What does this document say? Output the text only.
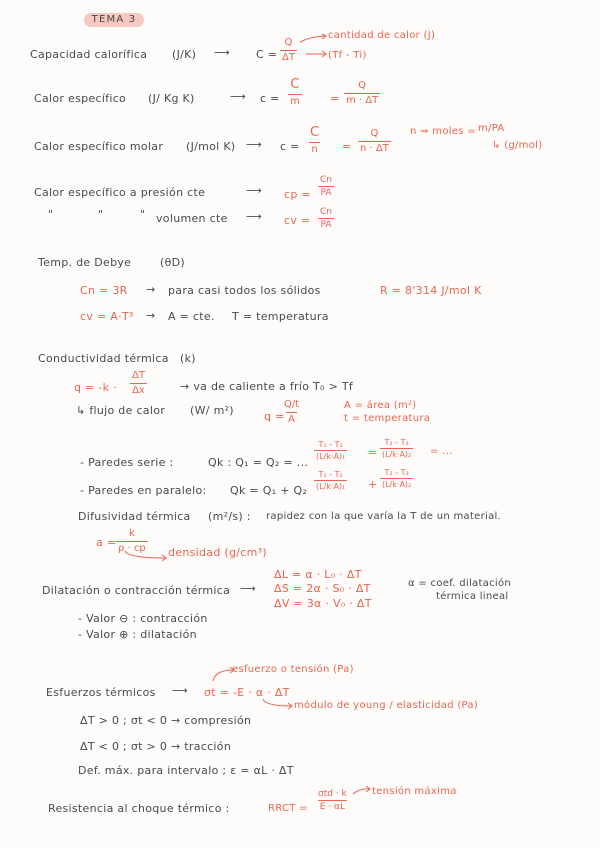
TEMA 3
Capacidad calorífica (J/K) ⟶ $C = \frac{Q}{\Delta T}$
cantidad de calor (J)
(Tf - Ti)
Calor específico (J/ Kg K)	⟶ c =
C
m	= $\frac{Q}{m \cdot \Delta T}$
Calor específico molar (J/mol K) ⟶ c =
C
$n = \frac{Q}{n \cdot \Delta T}$ n ⇒ moles = m/PA
↳ (g/mol)
Calor específico a presión cte	⟶ cp = $\frac{Cn}{PA}$
"	"	" volumen cte ⟶ cv = $\frac{Cn}{PA}$
Temp. de Debye	(θD)
Cn = 3R → para casi todos los sólidos	R = 8'314 J/mol K
cv = A·T³ → A = cte. T = temperatura
Conductividad térmica (k)
$q = -k \cdot \frac{\Delta T}{\Delta x}$	→ va de caliente a frío T₀ > Tf
↳ flujo de calor (W/ m²)	q =
$\frac{Q/t}{A}$	A = área (m²)
t = temperatura
- Paredes serie :	Qk : Q₁ = Q₂ = ...
$\frac{\text{T₁ - T₂}}{\text{(L/k·A)₁}} = \frac{\text{T₂ - T₃}}{\text{(L/k·A)₂}}$ = ...
- Paredes en paralelo: $Qk = Q_1 + Q_2 \frac{\text{T₁ - T₂}}{\text{(L/k·A)₁}} + \frac{\text{T₂ - T₃}}{\text{(L/k·A)₂}}$
Difusividad térmica (m²/s) : rapidez con la que varía la T de un material.
$a = \frac{k}{\rho \cdot cp}$ densidad (g/cm³)
Dilatación o contracción térmica ⟶
ΔL = α · L₀ · ΔT
ΔS = 2α · S₀ · ΔT
ΔV = 3α · V₀ · ΔT
α = coef. dilatación
térmica lineal
- Valor ⊖ : contracción
- Valor ⊕ : dilatación
Esfuerzos térmicos ⟶ σt = -E · α · ΔT
esfuerzo o tensión (Pa)
módulo de young / elasticidad (Pa)
ΔT > 0 ; σt < 0 → compresión
ΔT < 0 ; σt > 0 → tracción
Def. máx. para intervalo ; ε = αL · ΔT
Resistencia al choque térmico :	RRCT =
σtd · k
E · αL
tensión máxima
